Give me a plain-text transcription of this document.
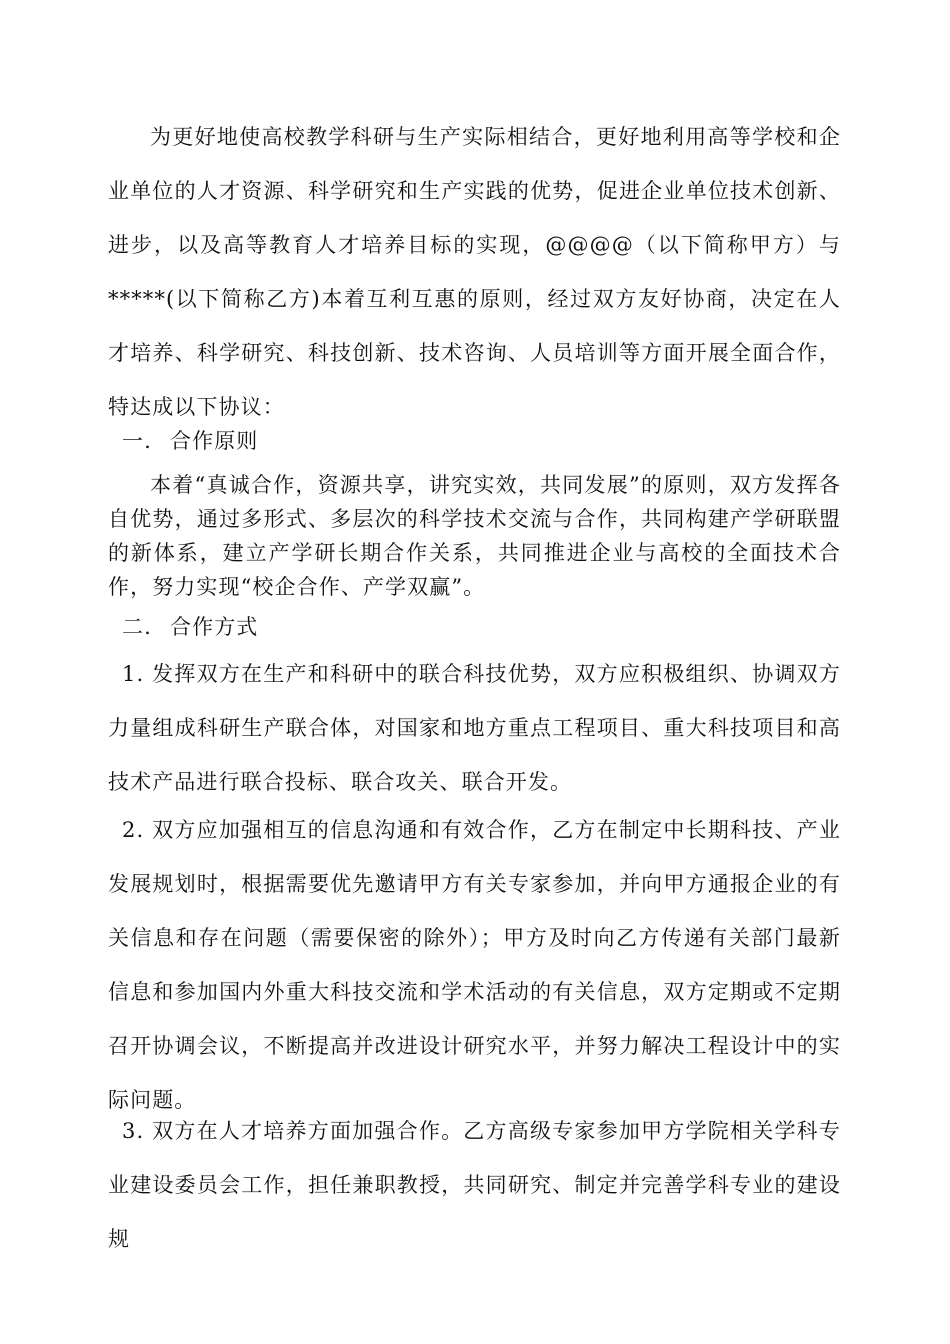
为更好地使高校教学科研与生产实际相结合，更好地利用高等学校和企业单位的人才资源、科学研究和生产实践的优势，促进企业单位技术创新、进步，以及高等教育人才培养目标的实现，@@@@（以下简称甲方）与*****(以下简称乙方)本着互利互惠的原则，经过双方友好协商，决定在人才培养、科学研究、科技创新、技术咨询、人员培训等方面开展全面合作，特达成以下协议：

一. 合作原则

本着“真诚合作，资源共享，讲究实效，共同发展”的原则，双方发挥各自优势，通过多形式、多层次的科学技术交流与合作，共同构建产学研联盟的新体系，建立产学研长期合作关系，共同推进企业与高校的全面技术合作，努力实现“校企合作、产学双赢”。

二. 合作方式

1. 发挥双方在生产和科研中的联合科技优势，双方应积极组织、协调双方力量组成科研生产联合体，对国家和地方重点工程项目、重大科技项目和高技术产品进行联合投标、联合攻关、联合开发。

2. 双方应加强相互的信息沟通和有效合作，乙方在制定中长期科技、产业发展规划时，根据需要优先邀请甲方有关专家参加，并向甲方通报企业的有关信息和存在问题（需要保密的除外）；甲方及时向乙方传递有关部门最新信息和参加国内外重大科技交流和学术活动的有关信息，双方定期或不定期召开协调会议，不断提高并改进设计研究水平，并努力解决工程设计中的实际问题。

3. 双方在人才培养方面加强合作。乙方高级专家参加甲方学院相关学科专业建设委员会工作，担任兼职教授，共同研究、制定并完善学科专业的建设规
